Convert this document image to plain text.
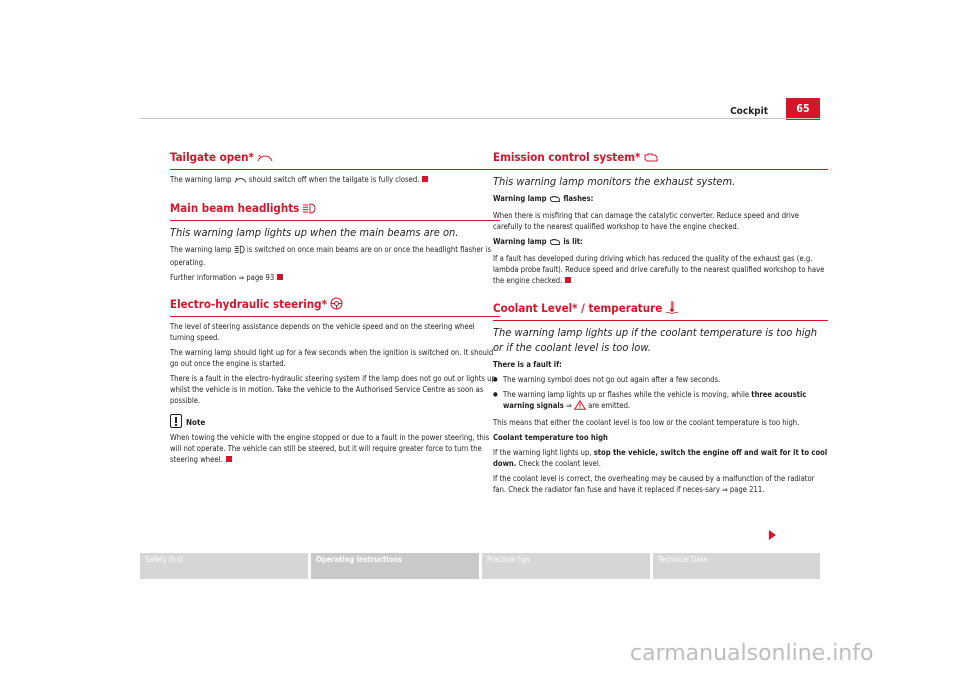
Cockpit	65
Tailgate open*

The warning lamp should switch off when the tailgate is fully closed.

Main beam headlights
This warning lamp lights up when the main beams are on.

The warning lamp is switched on once main beams are on or once the headlight flasher is operating.

Further information ⇒ page 93

Electro-hydraulic steering*

The level of steering assistance depends on the vehicle speed and on the steering wheel turning speed.

The warning lamp should light up for a few seconds when the ignition is switched on. It should go out once the engine is started.

There is a fault in the electro-hydraulic steering system if the lamp does not go out or lights up whilst the vehicle is in motion. Take the vehicle to the Authorised Service Centre as soon as possible.

Note

When towing the vehicle with the engine stopped or due to a fault in the power steering, this will not operate. The vehicle can still be steered, but it will require greater force to turn the steering wheel.

Emission control system*
This warning lamp monitors the exhaust system.

Warning lamp flashes:

When there is misfiring that can damage the catalytic converter. Reduce speed and drive carefully to the nearest qualified workshop to have the engine checked.

Warning lamp is lit:

If a fault has developed during driving which has reduced the quality of the exhaust gas (e.g. lambda probe fault). Reduce speed and drive carefully to the nearest qualified workshop to have the engine checked.

Coolant Level* / temperature
The warning lamp lights up if the coolant temperature is too high or if the coolant level is too low.

There is a fault if:

● The warning symbol does not go out again after a few seconds.

● The warning lamp lights up or flashes while the vehicle is moving, while three acoustic warning signals ⇒  are emitted.

This means that either the coolant level is too low or the coolant temperature is too high.

Coolant temperature too high

If the warning light lights up, stop the vehicle, switch the engine off and wait for it to cool down. Check the coolant level.

If the coolant level is correct, the overheating may be caused by a malfunction of the radiator fan. Check the radiator fan fuse and have it replaced if neces-sary ⇒ page 211.

Safety First	Operating instructions	Practical tips	Technical Data
carmanualsonline.info
